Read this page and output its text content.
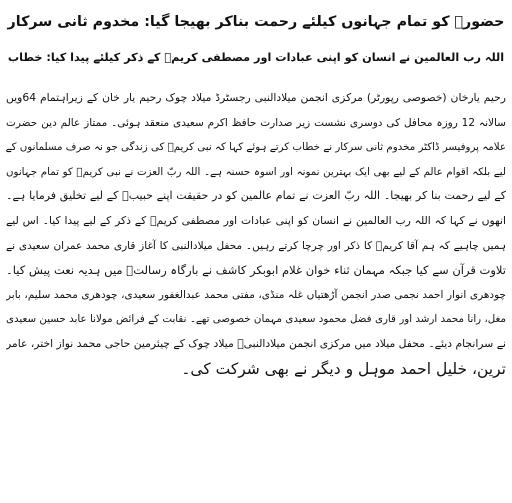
حضورؐ کو تمام جہانوں کیلئے رحمت بناکر بھیجا گیا: مخدوم ثانی سرکار
اللہ رب العالمین نے انسان کو اپنی عبادات اور مصطفی کریمؐ کے ذکر کیلئے پیدا کیا: خطاب

رحیم یارخان (خصوصی رپورٹر) مرکزی انجمن میلادالنبی رجسٹرڈ میلاد چوک رحیم یار خان کے زیراہتمام 64ویں

سالانہ 12 روزہ محافل کی دوسری نشست زیر صدارت حافظ اکرم سعیدی منعقد ہوئی۔ ممتاز عالم دین حضرت

علامہ پروفیسر ڈاکٹر مخدوم ثانی سرکار نے خطاب کرتے ہوئے کہا کہ نبی کریمؐ کی زندگی جو نہ صرف مسلمانوں کے

لیے بلکہ اقوام عالم کے لیے بھی ایک بہترین نمونہ اور اسوہ حسنہ ہے۔ اللہ ربّ العزت نے نبی کریمؐ کو تمام جہانوں

کے لیے رحمت بنا کر بھیجا۔ اللہ ربّ العزت نے تمام عالمین کو در حقیقت اپنے حبیبؐ کے لیے تخلیق فرمایا ہے۔

انھوں نے کہا کہ اللہ رب العالمین نے انسان کو اپنی عبادات اور مصطفی کریمؐ کے ذکر کے لیے پیدا کیا۔ اس لیے

ہمیں چاہیے کہ ہم آقا کریمؐ کا ذکر اور چرچا کرتے رہیں۔ محفل میلادالنبی کا آغاز قاری محمد عمران سعیدی نے

تلاوت قرآن سے کیا جبکہ مہمان ثناء خوان غلام ابوبکر کاشف نے بارگاہ رسالتؐ میں ہدیہ نعت پیش کیا۔

چودھری انوار احمد نجمی صدر انجمن آڑھتیاں غلہ منڈی، مفتی محمد عبدالغفور سعیدی، چودھری محمد سلیم، بابر

مغل، رانا محمد ارشد اور قاری فضل محمود سعیدی مہمان خصوصی تھے۔ نقابت کے فرائض مولانا عابد حسین سعیدی

نے سرانجام دیئے۔ محفل میلاد میں مرکزی انجمن میلادالنبیؐ میلاد چوک کے چیئرمین حاجی محمد نواز اختر، عامر

ترین، خلیل احمد موہل و دیگر نے بھی شرکت کی۔
